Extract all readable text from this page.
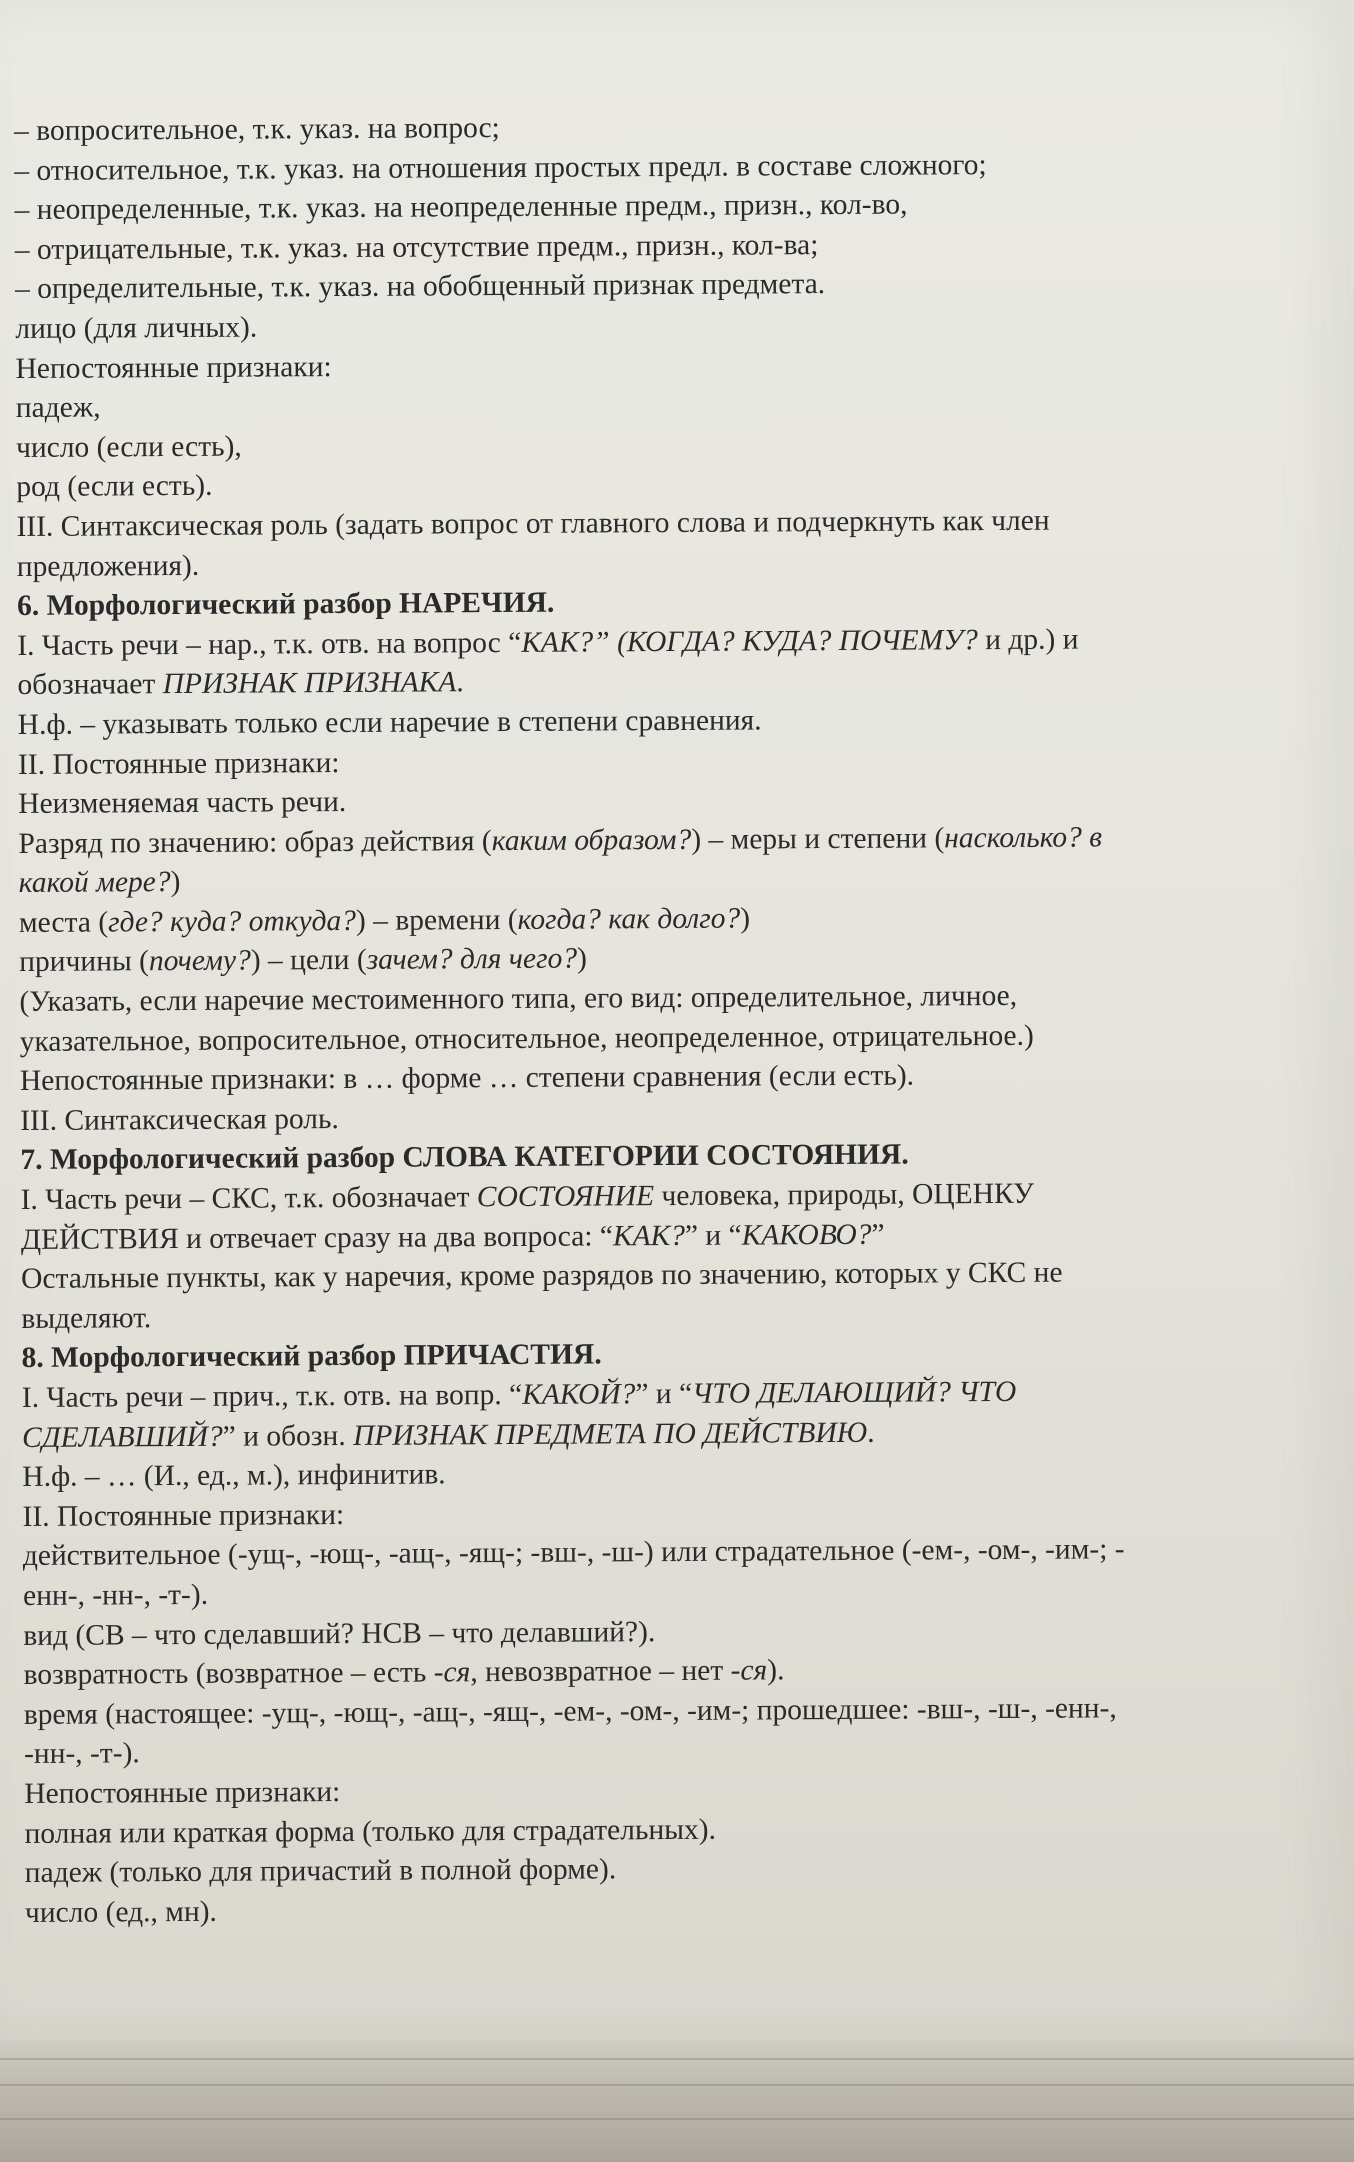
– вопросительное, т.к. указ. на вопрос;
– относительное, т.к. указ. на отношения простых предл. в составе сложного;
– неопределенные, т.к. указ. на неопределенные предм., призн., кол-во,
– отрицательные, т.к. указ. на отсутствие предм., призн., кол-ва;
– определительные, т.к. указ. на обобщенный признак предмета.
лицо (для личных).
Непостоянные признаки:
падеж,
число (если есть),
род (если есть).
III. Синтаксическая роль (задать вопрос от главного слова и подчеркнуть как член
предложения).
6. Морфологический разбор НАРЕЧИЯ.
I. Часть речи – нар., т.к. отв. на вопрос “КАК?” (КОГДА? КУДА? ПОЧЕМУ? и др.) и
обозначает ПРИЗНАК ПРИЗНАКА.
Н.ф. – указывать только если наречие в степени сравнения.
II. Постоянные признаки:
Неизменяемая часть речи.
Разряд по значению: образ действия (каким образом?) – меры и степени (насколько? в
какой мере?)
места (где? куда? откуда?) – времени (когда? как долго?)
причины (почему?) – цели (зачем? для чего?)
(Указать, если наречие местоименного типа, его вид: определительное, личное,
указательное, вопросительное, относительное, неопределенное, отрицательное.)
Непостоянные признаки: в … форме … степени сравнения (если есть).
III. Синтаксическая роль.
7. Морфологический разбор СЛОВА КАТЕГОРИИ СОСТОЯНИЯ.
I. Часть речи – СКС, т.к. обозначает СОСТОЯНИЕ человека, природы, ОЦЕНКУ
ДЕЙСТВИЯ и отвечает сразу на два вопроса: “КАК?” и “КАКОВО?”
Остальные пункты, как у наречия, кроме разрядов по значению, которых у СКС не
выделяют.
8. Морфологический разбор ПРИЧАСТИЯ.
I. Часть речи – прич., т.к. отв. на вопр. “КАКОЙ?” и “ЧТО ДЕЛАЮЩИЙ? ЧТО
СДЕЛАВШИЙ?” и обозн. ПРИЗНАК ПРЕДМЕТА ПО ДЕЙСТВИЮ.
Н.ф. – … (И., ед., м.), инфинитив.
II. Постоянные признаки:
действительное (-ущ-, -ющ-, -ащ-, -ящ-; -вш-, -ш-) или страдательное (-ем-, -ом-, -им-; -
енн-, -нн-, -т-).
вид (СВ – что сделавший? НСВ – что делавший?).
возвратность (возвратное – есть -ся, невозвратное – нет -ся).
время (настоящее: -ущ-, -ющ-, -ащ-, -ящ-, -ем-, -ом-, -им-; прошедшее: -вш-, -ш-, -енн-,
-нн-, -т-).
Непостоянные признаки:
полная или краткая форма (только для страдательных).
падеж (только для причастий в полной форме).
число (ед., мн).
